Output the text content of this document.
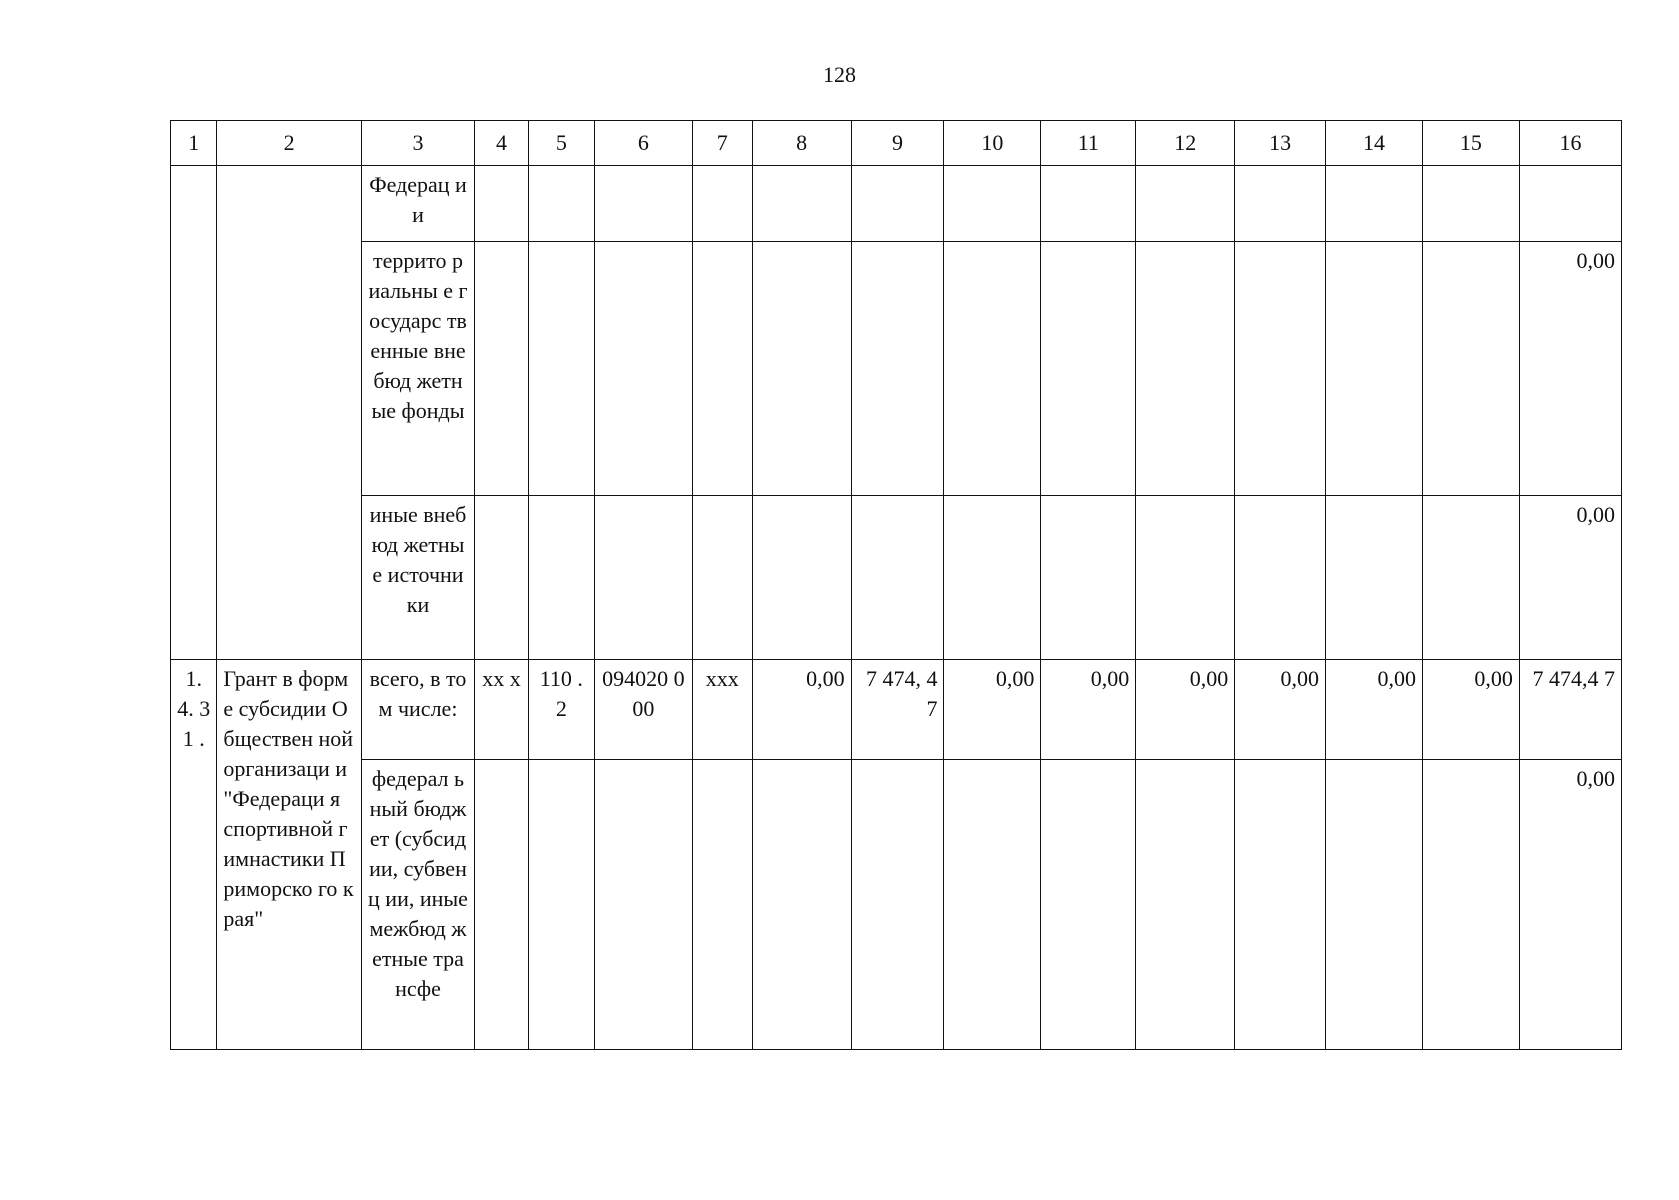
128
1	2	3	4	5	6	7	8	9	10	11	12	13	14	15	16
		Федерац ии													
		террито риальны е государс твенные внебюд жетные фонды													0,00
		иные внебюд жетные источни ки													0,00
1. 4. 31 .	Грант в форме субсидии Обществен ной организаци и "Федераци я спортивной гимнастики Приморско го края"	всего, в том числе:	хх х	110 . 2	094020 000	ххх	0,00	7 474, 47	0,00	0,00	0,00	0,00	0,00	0,00	7 474,4 7
		федерал ьный бюджет (субсид ии, субвенц ии, иные межбюд жетные трансфе													0,00
